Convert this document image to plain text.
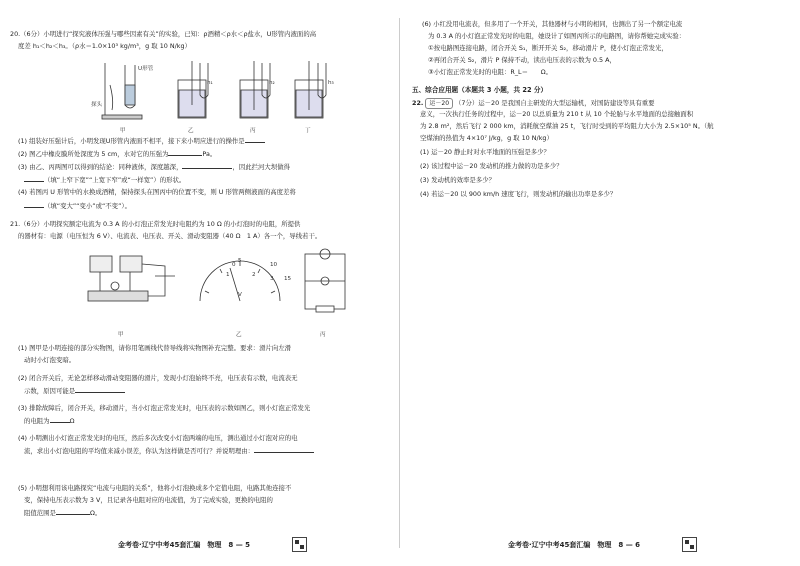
20.（6分）小明进行“探究液体压强与哪些因素有关”的实验，已知：ρ酒精＜ρ水＜ρ盐水，U形管内液面的高
度差 h₁＜h₂＜h₃。（ρ水＝1.0×10³ kg/m³，g 取 10 N/kg）
U形管
探头
h₁	h₂	h₃
甲	乙	丙	丁
(1) 组装好压强计后，小明发现U形管内液面不相平，接下来小明应进行的操作是
(2) 图乙中橡皮膜所处深度为 5 cm，水对它的压强为	Pa。
(3) 由乙、丙两图可以得到的结论：同种液体，深度越深，	，因此拦河大坝做得
（填“上窄下宽”“上宽下窄”或“一样宽”）的形状。
(4) 若图丙 U 形管中的水换成酒精，保持探头在图丙中的位置不变，则 U 形管两侧液面的高度差将
（填“变大”“变小”或“不变”）。
21.（6分）小明探究额定电流为 0.3 A 的小灯泡正常发光时电阻约为 10 Ω 的小灯泡时的电阻，所提供
的器材有：电源（电压恒为 6 V）、电流表、电压表、开关、滑动变阻器（40 Ω　1 A）各一个，导线若干。
0
1
5
10
2
15
3
V
甲	乙	丙
(1) 图甲是小明连接的部分实物图，请你用笔画线代替导线将实物图补充完整。要求：滑片向左滑
动时小灯泡变暗。
(2) 闭合开关后，无论怎样移动滑动变阻器的滑片，发现小灯泡始终不亮，电压表有示数，电流表无
示数，原因可能是
(3) 排除故障后，闭合开关，移动滑片，当小灯泡正常发光时，电压表的示数如图乙，则小灯泡正常发光
的电阻为	Ω
(4) 小明测出小灯泡正常发光时的电压，然后多次改变小灯泡两端的电压，测出通过小灯泡对应的电
流，求出小灯泡电阻的平均值来减小误差，你认为这样做是否可行？并说明理由：
(5) 小明想利用该电路探究“电流与电阻的关系”，他将小灯泡换成多个定值电阻，电路其他连接不
变，保持电压表示数为 3 V，且记录各电阻对应的电流值，为了完成实验，更换的电阻的
阻值范围是	Ω。
金考卷·辽宁中考45套汇编　物理　 8 — 5
(6) 小红没用电流表，但多用了一个开关，其他器材与小明的相同，也测出了另一个额定电流
为 0.3 A 的小灯泡正常发光时的电阻，她设计了如图丙所示的电路图，请你帮她完成实验：
①按电路图连接电路，闭合开关 S₁，断开开关 S₂，移动滑片 P，使小灯泡正常发光，
②再闭合开关 S₂，滑片 P 保持不动，读出电压表的示数为 0.5 A，
③小灯泡正常发光时的电阻：R_L＝　　Ω。
五、综合应用题（本题共 3 小题，共 22 分）
22. 运－20 （7分）运－20 是我国自主研发的大型运输机，对国防建设等具有重要
意义，一次执行任务的过程中，运－20 以总质量为 210 t 从 10 个轮胎与水平地面的总接触面积
为 2.8 m²，然后飞行 2 000 km，消耗航空煤油 25 t，飞行时受到的平均阻力大小为 2.5×10⁵ N。（航
空煤油的热值为 4×10⁷ J/kg，g 取 10 N/kg）
(1) 运－20 静止时对水平地面的压强是多少？
(2) 该过程中运－20 发动机的推力做的功是多少？
(3) 发动机的效率是多少？
(4) 若运－20 以 900 km/h 速度飞行，则发动机的输出功率是多少？
金考卷·辽宁中考45套汇编　物理　 8 — 6
